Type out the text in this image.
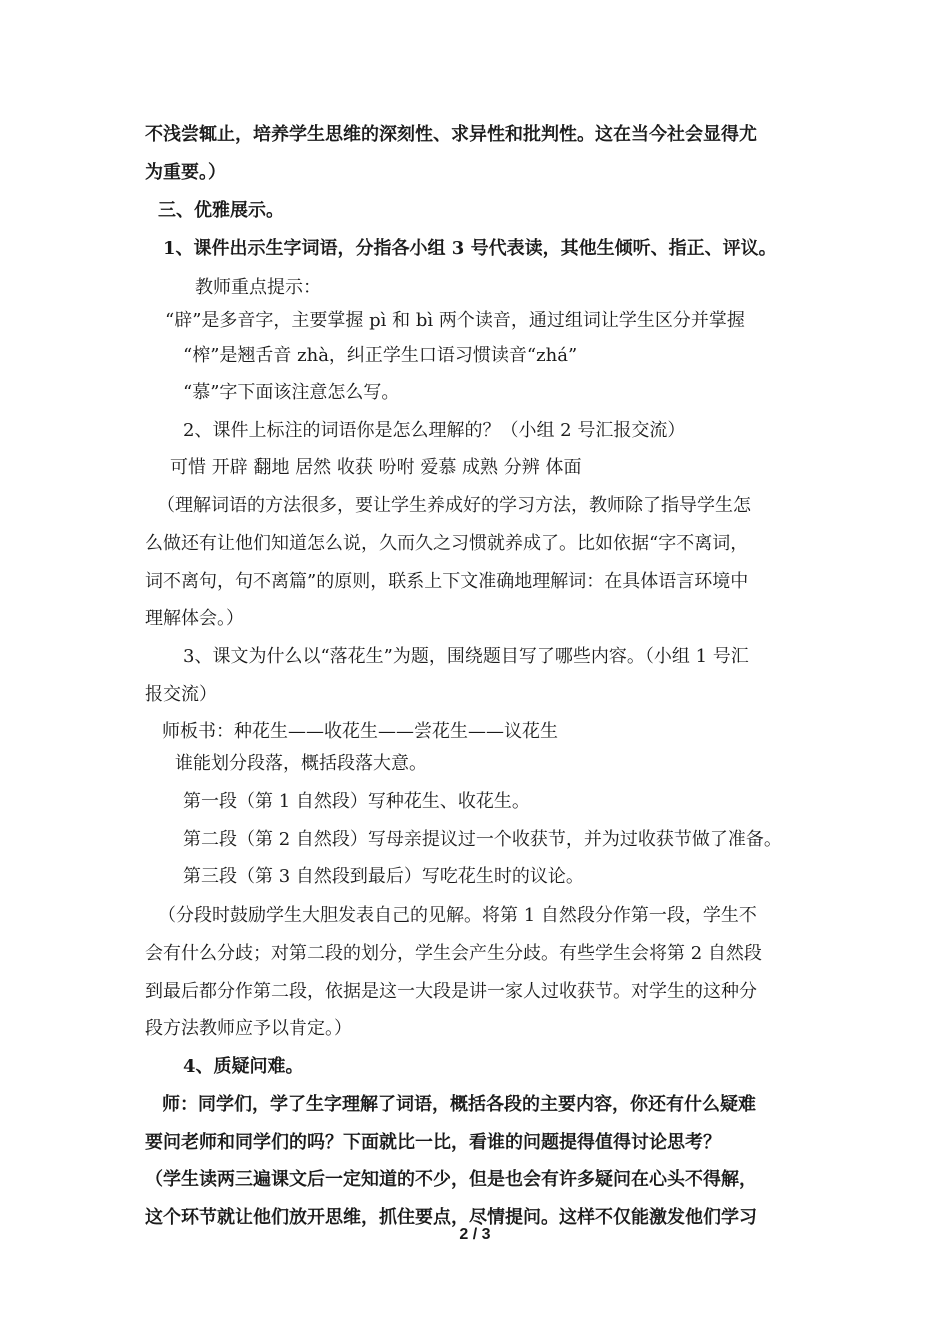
不浅尝辄止，培养学生思维的深刻性、求异性和批判性。这在当今社会显得尤
为重要。）
三、优雅展示。
1、课件出示生字词语，分指各小组 3 号代表读，其他生倾听、指正、评议。
教师重点提示：
“辟”是多音字，主要掌握 pì 和 bì 两个读音，通过组词让学生区分并掌握
“榨”是翘舌音 zhà，纠正学生口语习惯读音“zhá”
“慕”字下面该注意怎么写。
2、课件上标注的词语你是怎么理解的？（小组 2 号汇报交流）
可惜 开辟 翻地 居然 收获 吩咐 爱慕 成熟 分辨 体面
（理解词语的方法很多，要让学生养成好的学习方法，教师除了指导学生怎
么做还有让他们知道怎么说，久而久之习惯就养成了。比如依据“字不离词，
词不离句，句不离篇”的原则，联系上下文准确地理解词：在具体语言环境中
理解体会。）
3、课文为什么以“落花生”为题，围绕题目写了哪些内容。（小组 1 号汇
报交流）
师板书：种花生——收花生——尝花生——议花生
谁能划分段落，概括段落大意。
第一段（第 1 自然段）写种花生、收花生。
第二段（第 2 自然段）写母亲提议过一个收获节，并为过收获节做了准备。
第三段（第 3 自然段到最后）写吃花生时的议论。
（分段时鼓励学生大胆发表自己的见解。将第 1 自然段分作第一段，学生不
会有什么分歧；对第二段的划分，学生会产生分歧。有些学生会将第 2 自然段
到最后都分作第二段，依据是这一大段是讲一家人过收获节。对学生的这种分
段方法教师应予以肯定。）
4、质疑问难。
师：同学们，学了生字理解了词语，概括各段的主要内容，你还有什么疑难
要问老师和同学们的吗？下面就比一比，看谁的问题提得值得讨论思考？
（学生读两三遍课文后一定知道的不少，但是也会有许多疑问在心头不得解，
这个环节就让他们放开思维，抓住要点，尽情提问。这样不仅能激发他们学习
2 / 3
